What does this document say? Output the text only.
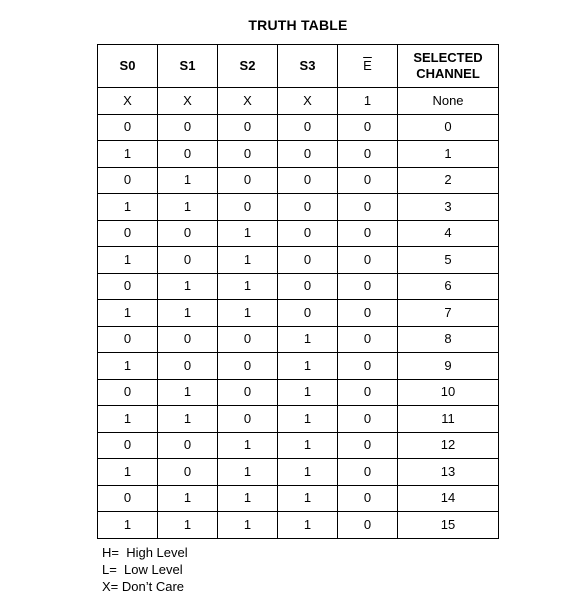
TRUTH TABLE
S0	S1	S2	S3	$\overline{E}$	SELECTED
CHANNEL

X	X	X	X	1	None
0	0	0	0	0	0
1	0	0	0	0	1
0	1	0	0	0	2
1	1	0	0	0	3
0	0	1	0	0	4
1	0	1	0	0	5
0	1	1	0	0	6
1	1	1	0	0	7
0	0	0	1	0	8
1	0	0	1	0	9
0	1	0	1	0	10
1	1	0	1	0	11
0	0	1	1	0	12
1	0	1	1	0	13
0	1	1	1	0	14
1	1	1	1	0	15
H=  High Level
L=  Low Level
X= Don’t Care
